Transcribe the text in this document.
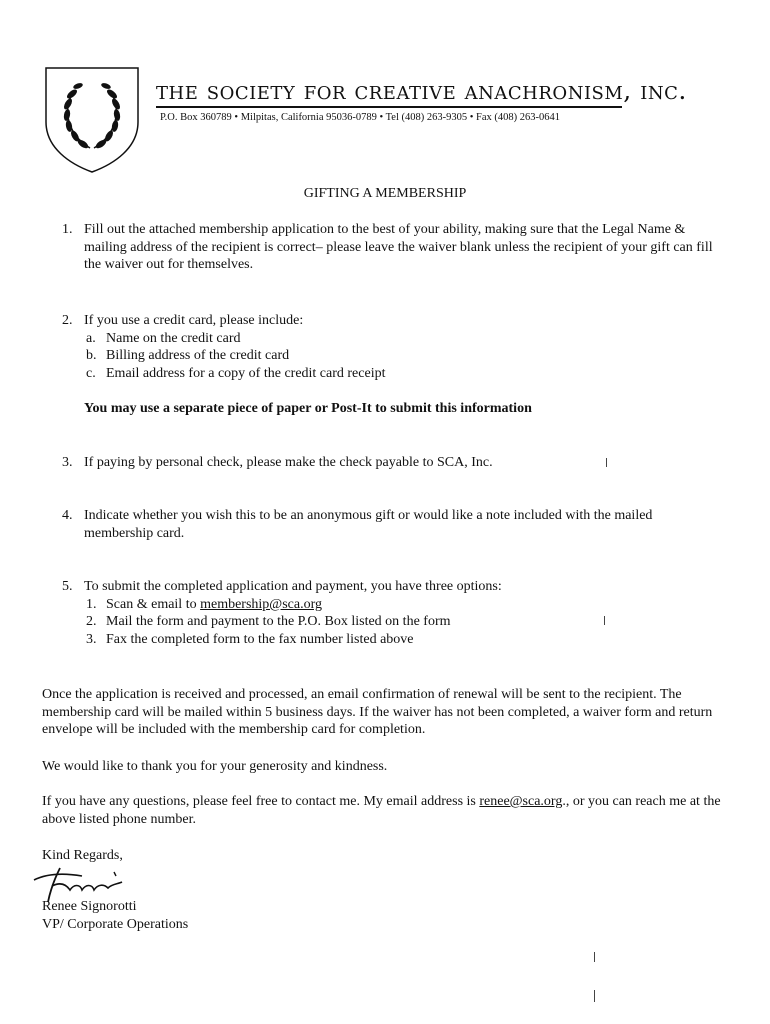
the society for creative anachronism, inc.
P.O. Box 360789 • Milpitas, California 95036-0789 • Tel (408) 263-9305 • Fax (408) 263-0641
GIFTING A MEMBERSHIP
1. Fill out the attached membership application to the best of your ability, making sure that the Legal Name & mailing address of the recipient is correct– please leave the waiver blank unless the recipient of your gift can fill the waiver out for themselves.
2. If you use a credit card, please include:
a. Name on the credit card
b. Billing address of the credit card
c. Email address for a copy of the credit card receipt
You may use a separate piece of paper or Post-It to submit this information
3. If paying by personal check, please make the check payable to SCA, Inc.
4. Indicate whether you wish this to be an anonymous gift or would like a note included with the mailed membership card.
5. To submit the completed application and payment, you have three options:
1. Scan & email to membership@sca.org
2. Mail the form and payment to the P.O. Box listed on the form
3. Fax the completed form to the fax number listed above
Once the application is received and processed, an email confirmation of renewal will be sent to the recipient. The membership card will be mailed within 5 business days. If the waiver has not been completed, a waiver form and return envelope will be included with the membership card for completion.
We would like to thank you for your generosity and kindness.
If you have any questions, please feel free to contact me. My email address is renee@sca.org., or you can reach me at the above listed phone number.
Kind Regards,
Renee Signorotti
VP/ Corporate Operations
